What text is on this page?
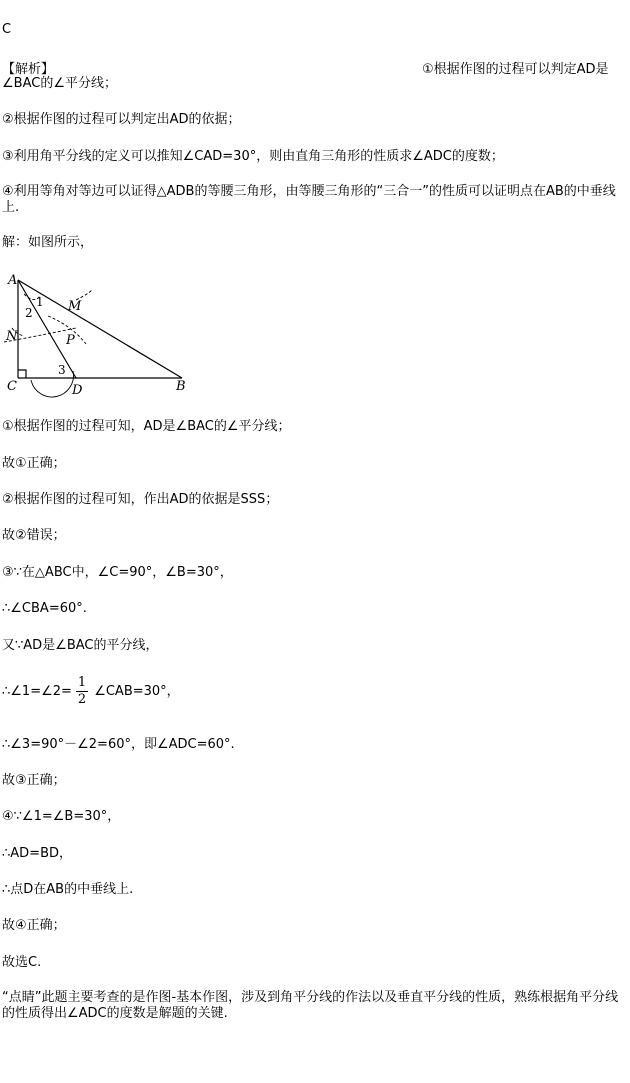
C
【解析】	①根据作图的过程可以判定AD是
∠BAC的∠平分线；
②根据作图的过程可以判定出AD的依据；
③利用角平分线的定义可以推知∠CAD=30°，则由直角三角形的性质求∠ADC的度数；
④利用等角对等边可以证得△ADB的等腰三角形，由等腰三角形的“三合一”的性质可以证明点在AB的中垂线上.
解：如图所示，
A
C	D	B
M
N	P
1
2
3
①根据作图的过程可知，AD是∠BAC的∠平分线；
故①正确；
②根据作图的过程可知，作出AD的依据是SSS；
故②错误；
③∵在△ABC中，∠C=90°，∠B=30°，
∴∠CBA=60°.
又∵AD是∠BAC的平分线，
∴∠1=∠2= $\frac{1}{2}$ ∠CAB=30°，
∴∠3=90°－∠2=60°，即∠ADC=60°.
故③正确；
④∵∠1=∠B=30°，
∴AD=BD，
∴点D在AB的中垂线上.
故④正确；
故选C.
“点睛”此题主要考查的是作图-基本作图，涉及到角平分线的作法以及垂直平分线的性质，熟练根据角平分线的性质得出∠ADC的度数是解题的关键.
